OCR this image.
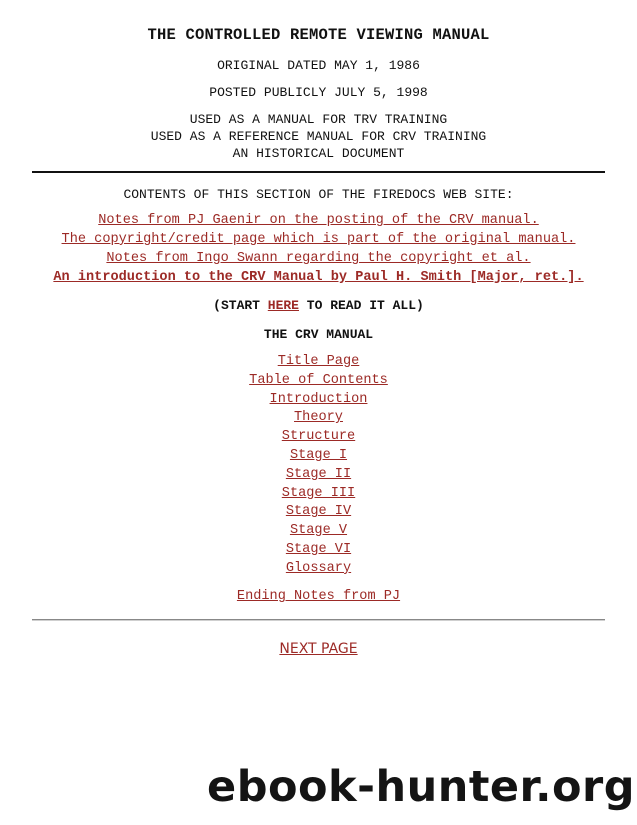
THE CONTROLLED REMOTE VIEWING MANUAL

ORIGINAL DATED MAY 1, 1986

POSTED PUBLICLY JULY 5, 1998

USED AS A MANUAL FOR TRV TRAINING

USED AS A REFERENCE MANUAL FOR CRV TRAINING

AN HISTORICAL DOCUMENT

CONTENTS OF THIS SECTION OF THE FIREDOCS WEB SITE:

Notes from PJ Gaenir on the posting of the CRV manual.
The copyright/credit page which is part of the original manual.
Notes from Ingo Swann regarding the copyright et al.
An introduction to the CRV Manual by Paul H. Smith [Major, ret.].
(START HERE TO READ IT ALL)
THE CRV MANUAL
Title Page
Table of Contents
Introduction
Theory
Structure
Stage I
Stage II
Stage III
Stage IV
Stage V
Stage VI
Glossary
Ending Notes from PJ
NEXT PAGE
ebook-hunter.org
